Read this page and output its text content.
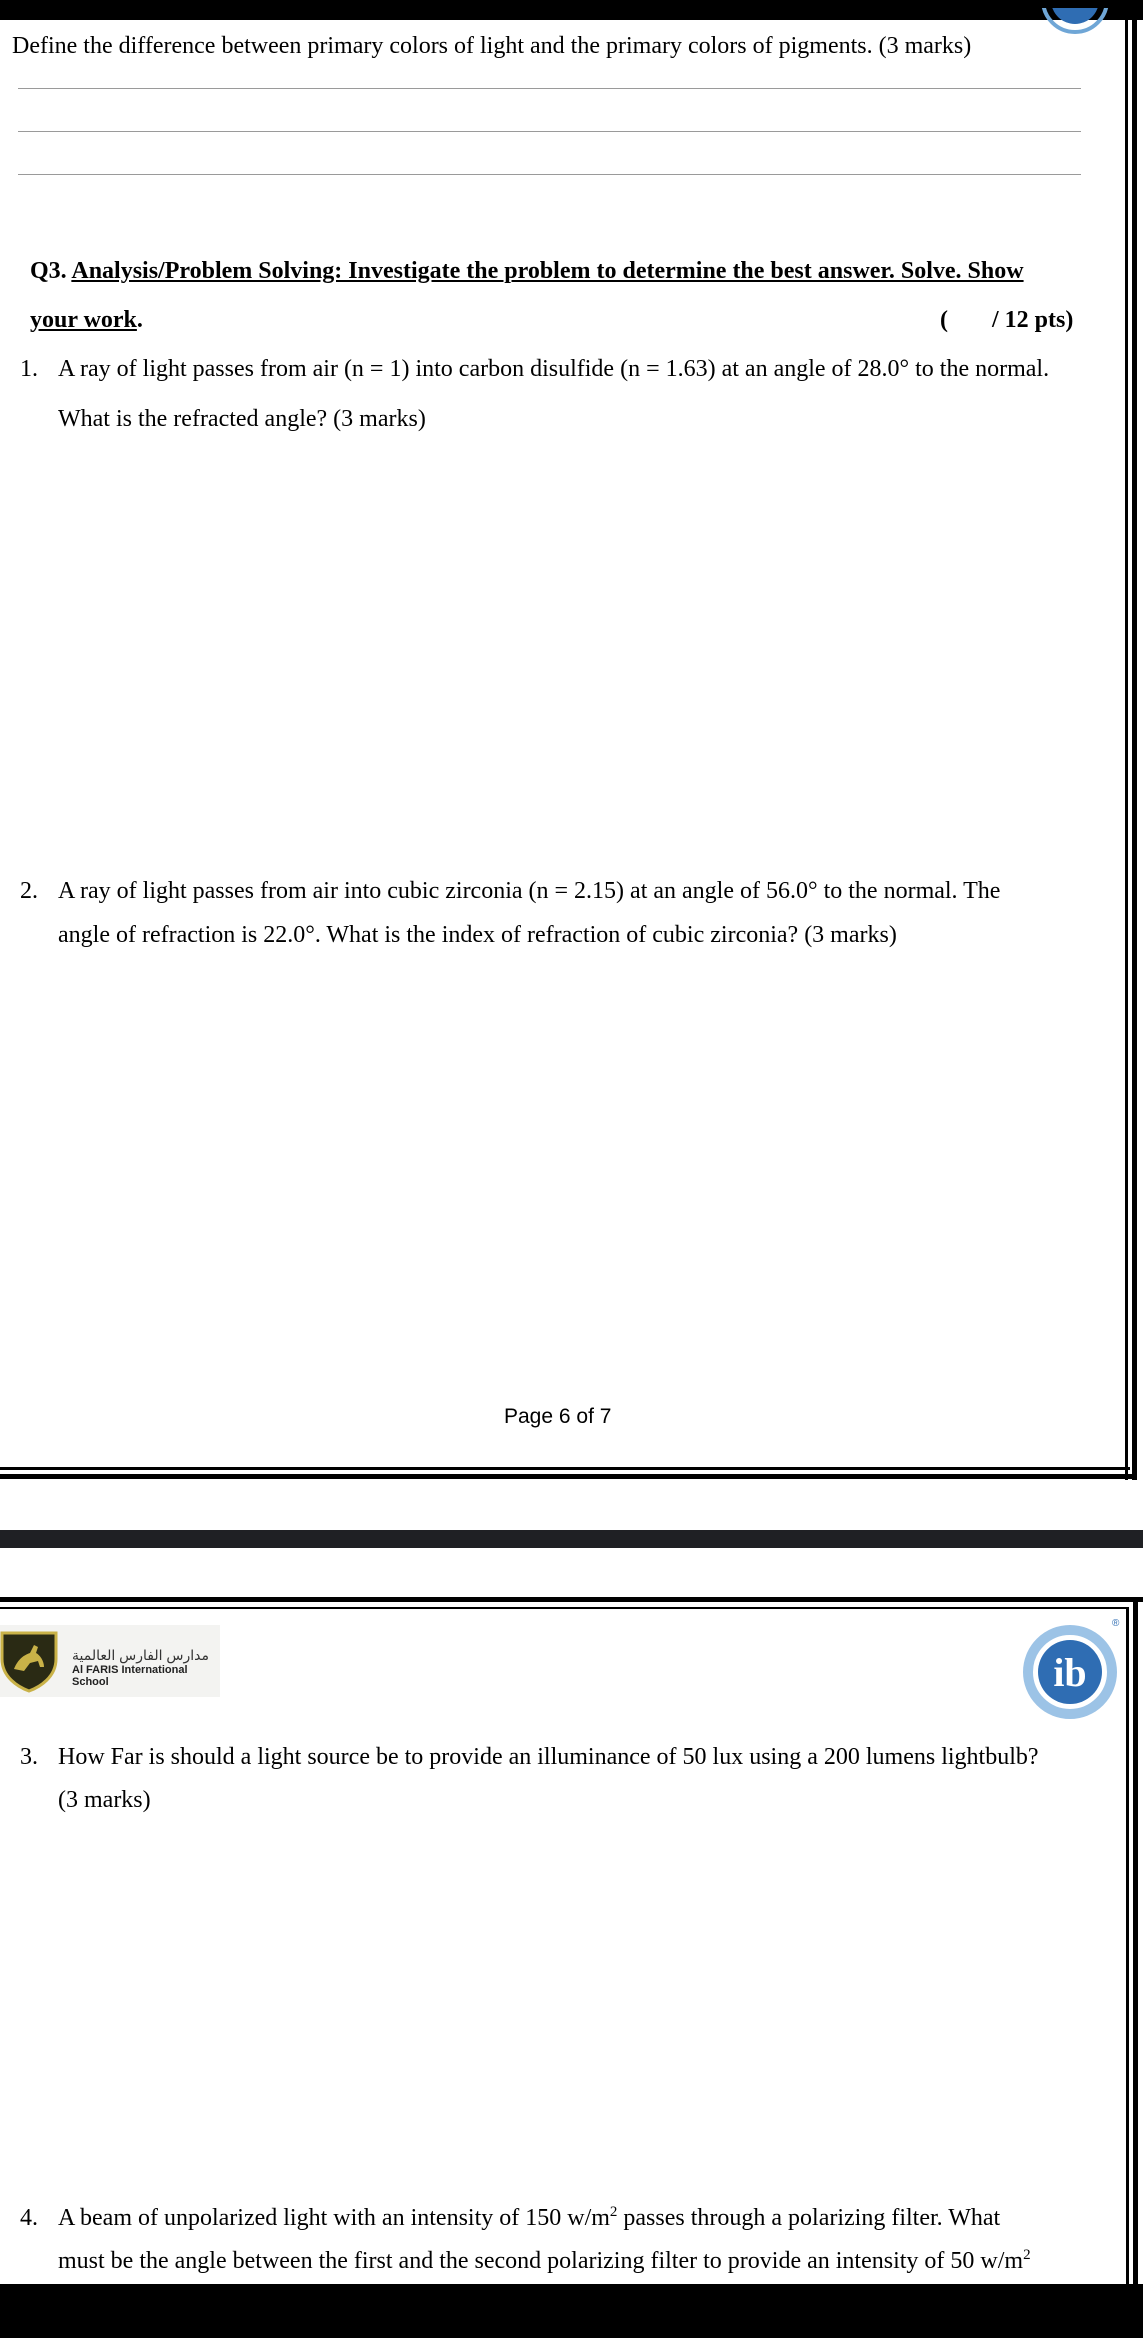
Define the difference between primary colors of light and the primary colors of pigments. (3 marks)
Q3. Analysis/Problem Solving: Investigate the problem to determine the best answer. Solve. Show
your work.	( / 12 pts)
1. A ray of light passes from air (n = 1) into carbon disulfide (n = 1.63) at an angle of 28.0° to the normal.
What is the refracted angle? (3 marks)
2. A ray of light passes from air into cubic zirconia (n = 2.15) at an angle of 56.0° to the normal. The
angle of refraction is 22.0°. What is the index of refraction of cubic zirconia? (3 marks)
Page 6 of 7
مدارس الفارس العالمية
Al FARIS International School	ib
®
3. How Far is should a light source be to provide an illuminance of 50 lux using a 200 lumens lightbulb?
(3 marks)
4. A beam of unpolarized light with an intensity of 150 $w/m^2$ passes through a polarizing filter. What
must be the angle between the first and the second polarizing filter to provide an intensity of 50 $w/m^2$
